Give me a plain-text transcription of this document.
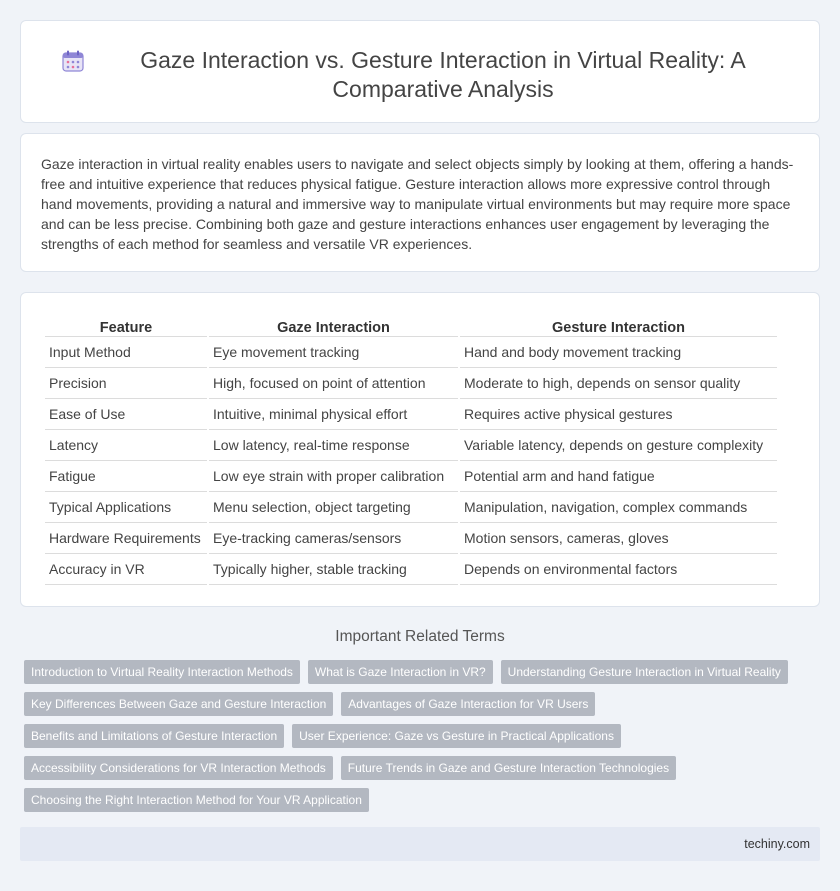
Gaze Interaction vs. Gesture Interaction in Virtual Reality: A Comparative Analysis

Gaze interaction in virtual reality enables users to navigate and select objects simply by looking at them, offering a hands-free and intuitive experience that reduces physical fatigue. Gesture interaction allows more expressive control through hand movements, providing a natural and immersive way to manipulate virtual environments but may require more space and can be less precise. Combining both gaze and gesture interactions enhances user engagement by leveraging the strengths of each method for seamless and versatile VR experiences.

Feature	Gaze Interaction	Gesture Interaction
Input Method	Eye movement tracking	Hand and body movement tracking
Precision	High, focused on point of attention	Moderate to high, depends on sensor quality
Ease of Use	Intuitive, minimal physical effort	Requires active physical gestures
Latency	Low latency, real-time response	Variable latency, depends on gesture complexity
Fatigue	Low eye strain with proper calibration	Potential arm and hand fatigue
Typical Applications	Menu selection, object targeting	Manipulation, navigation, complex commands
Hardware Requirements	Eye-tracking cameras/sensors	Motion sensors, cameras, gloves
Accuracy in VR	Typically higher, stable tracking	Depends on environmental factors
Important Related Terms
Introduction to Virtual Reality Interaction Methods	What is Gaze Interaction in VR?	Understanding Gesture Interaction in Virtual Reality
Key Differences Between Gaze and Gesture Interaction	Advantages of Gaze Interaction for VR Users
Benefits and Limitations of Gesture Interaction	User Experience: Gaze vs Gesture in Practical Applications
Accessibility Considerations for VR Interaction Methods	Future Trends in Gaze and Gesture Interaction Technologies
Choosing the Right Interaction Method for Your VR Application
techiny.com
